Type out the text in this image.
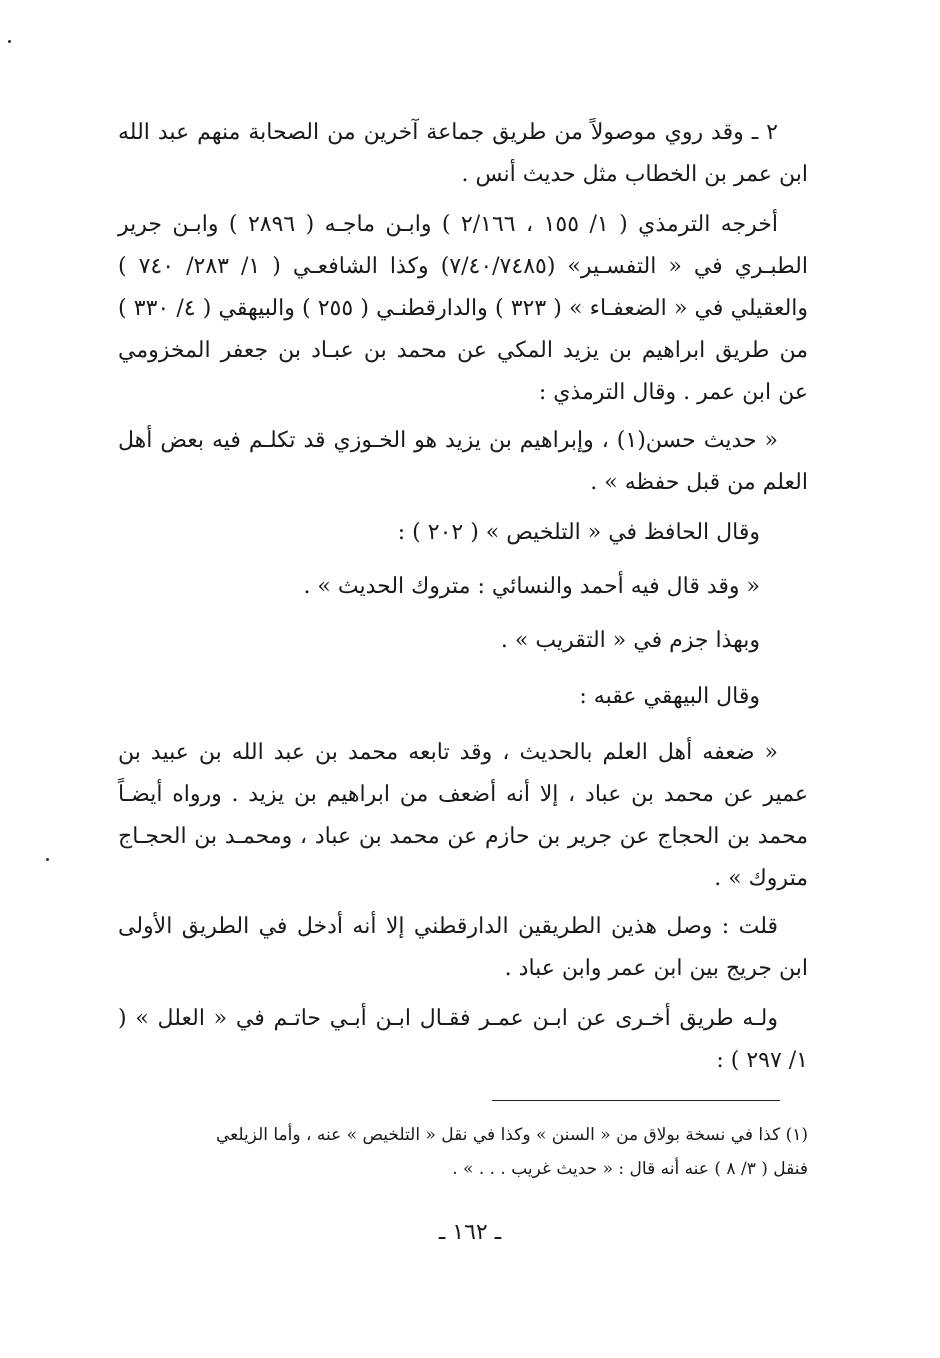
٢ ـ وقد روي موصولاً من طريق جماعة آخرين من الصحابة منهم عبد الله ابن عمر بن الخطاب مثل حديث أنس .

أخرجه الترمذي ( ١/ ١٥٥ ، ٢/١٦٦ ) وابـن ماجـه ( ٢٨٩٦ ) وابـن جرير الطبـري في « التفسـير» (٧/٤٠/٧٤٨٥) وكذا الشافعـي ( ١/ ٢٨٣/ ٧٤٠ ) والعقيلي في « الضعفـاء » ( ٣٢٣ ) والدارقطنـي ( ٢٥٥ ) والبيهقي ( ٤/ ٣٣٠ ) من طريق ابراهيم بن يزيد المكي عن محمد بن عبـاد بن جعفر المخزومي عن ابن عمر . وقال الترمذي :

« حديث حسن(١) ، وإبراهيم بن يزيد هو الخـوزي قد تكلـم فيه بعض أهل العلم من قبل حفظه » .

وقال الحافظ في « التلخيص » ( ٢٠٢ ) :
« وقد قال فيه أحمد والنسائي : متروك الحديث » .
وبهذا جزم في « التقريب » .
وقال البيهقي عقبه :

« ضعفه أهل العلم بالحديث ، وقد تابعه محمد بن عبد الله بن عبيد بن عمير عن محمد بن عباد ، إلا أنه أضعف من ابراهيم بن يزيد . ورواه أيضـاً محمد بن الحجاج عن جرير بن حازم عن محمد بن عباد ، ومحمـد بن الحجـاج متروك » .

قلت : وصل هذين الطريقين الدارقطني إلا أنه أدخل في الطريق الأولى ابن جريج بين ابن عمر وابن عباد .

ولـه طريق أخـرى عن ابـن عمـر فقـال ابـن أبـي حاتـم في « العلل » ( ١/ ٢٩٧ ) :

(١) كذا في نسخة بولاق من « السنن » وكذا في نقل « التلخيص » عنه ، وأما الزيلعي

فنقل ( ٣/ ٨ ) عنه أنه قال : « حديث غريب . . . » .

ـ ١٦٢ ـ
